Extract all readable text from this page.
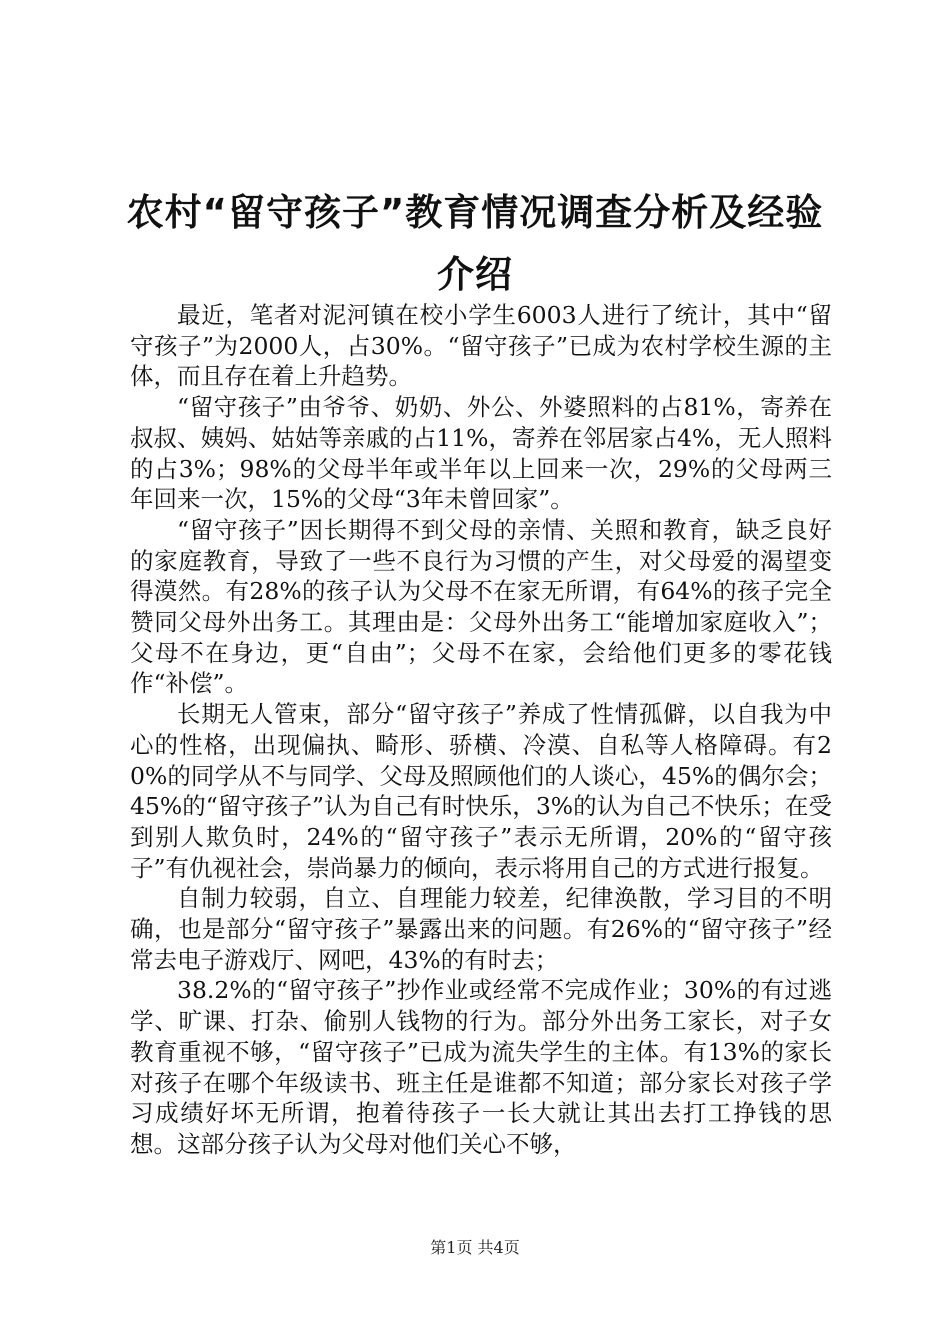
农村“留守孩子”教育情况调查分析及经验介绍

最近，笔者对泥河镇在校小学生6003人进行了统计，其中“留守孩子”为2000人，占30%。“留守孩子”已成为农村学校生源的主体，而且存在着上升趋势。

“留守孩子”由爷爷、奶奶、外公、外婆照料的占81%，寄养在叔叔、姨妈、姑姑等亲戚的占11%，寄养在邻居家占4%，无人照料的占3%；98%的父母半年或半年以上回来一次，29%的父母两三年回来一次，15%的父母“3年未曾回家”。

“留守孩子”因长期得不到父母的亲情、关照和教育，缺乏良好的家庭教育，导致了一些不良行为习惯的产生，对父母爱的渴望变得漠然。有28%的孩子认为父母不在家无所谓，有64%的孩子完全赞同父母外出务工。其理由是：父母外出务工“能增加家庭收入”；父母不在身边，更“自由”；父母不在家，会给他们更多的零花钱作“补偿”。

长期无人管束，部分“留守孩子”养成了性情孤僻，以自我为中心的性格，出现偏执、畸形、骄横、冷漠、自私等人格障碍。有20%的同学从不与同学、父母及照顾他们的人谈心，45%的偶尔会；45%的“留守孩子”认为自己有时快乐，3%的认为自己不快乐；在受到别人欺负时，24%的“留守孩子”表示无所谓，20%的“留守孩子”有仇视社会，崇尚暴力的倾向，表示将用自己的方式进行报复。

自制力较弱，自立、自理能力较差，纪律涣散，学习目的不明确，也是部分“留守孩子”暴露出来的问题。有26%的“留守孩子”经常去电子游戏厅、网吧，43%的有时去；

38.2%的“留守孩子”抄作业或经常不完成作业；30%的有过逃学、旷课、打杂、偷别人钱物的行为。部分外出务工家长，对子女教育重视不够，“留守孩子”已成为流失学生的主体。有13%的家长对孩子在哪个年级读书、班主任是谁都不知道；部分家长对孩子学习成绩好坏无所谓，抱着待孩子一长大就让其出去打工挣钱的思想。这部分孩子认为父母对他们关心不够，

第1页 共4页
